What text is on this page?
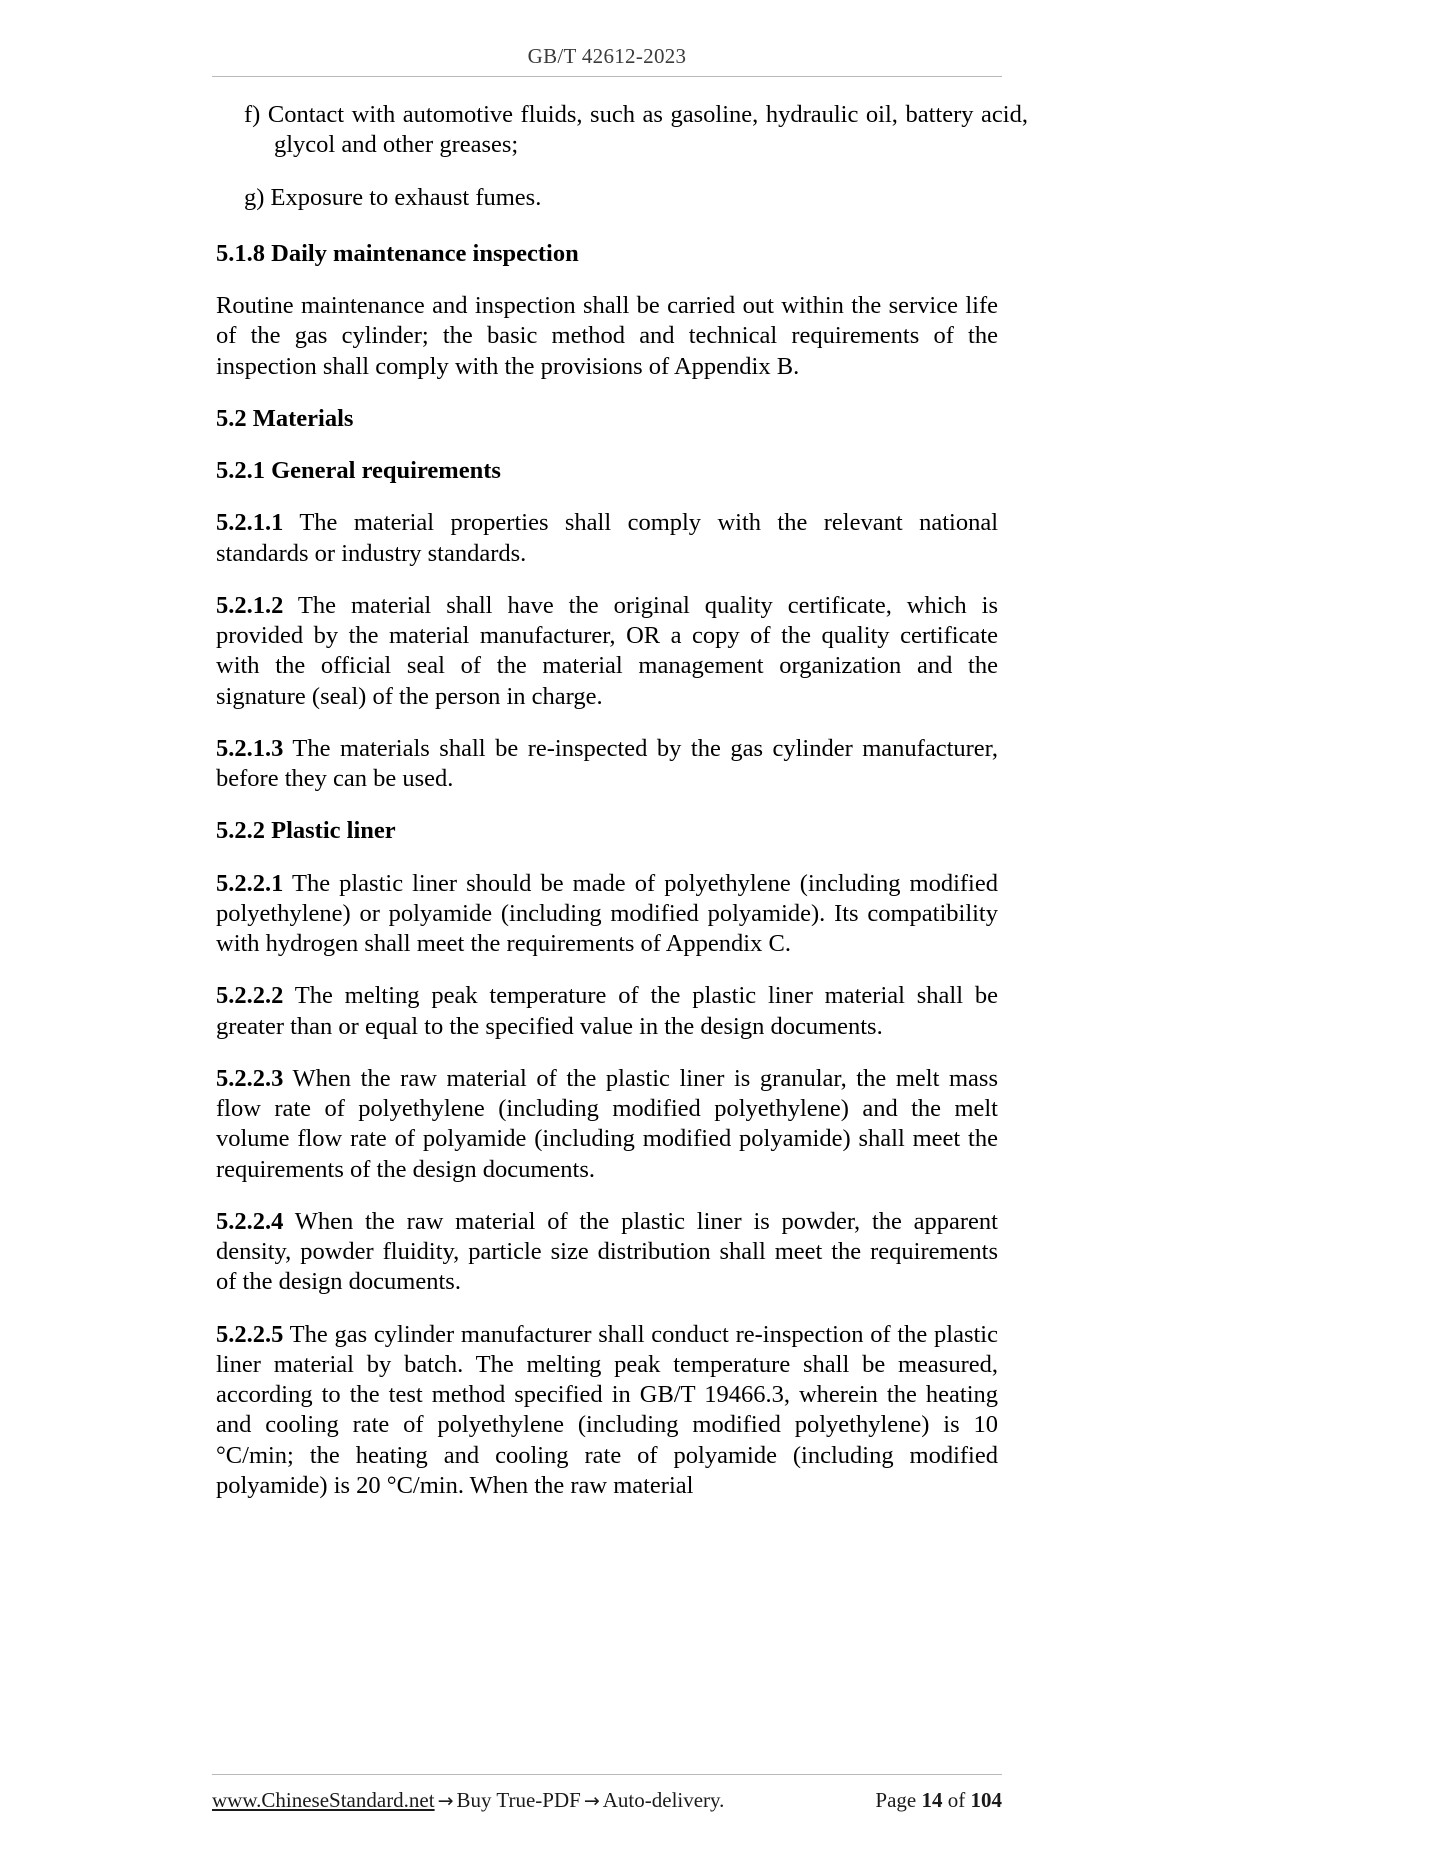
GB/T 42612-2023

f) Contact with automotive fluids, such as gasoline, hydraulic oil, battery acid, glycol and other greases;

g) Exposure to exhaust fumes.

5.1.8 Daily maintenance inspection

Routine maintenance and inspection shall be carried out within the service life of the gas cylinder; the basic method and technical requirements of the inspection shall comply with the provisions of Appendix B.

5.2 Materials

5.2.1 General requirements

5.2.1.1 The material properties shall comply with the relevant national standards or industry standards.

5.2.1.2 The material shall have the original quality certificate, which is provided by the material manufacturer, OR a copy of the quality certificate with the official seal of the material management organization and the signature (seal) of the person in charge.

5.2.1.3 The materials shall be re-inspected by the gas cylinder manufacturer, before they can be used.

5.2.2 Plastic liner

5.2.2.1 The plastic liner should be made of polyethylene (including modified polyethylene) or polyamide (including modified polyamide). Its compatibility with hydrogen shall meet the requirements of Appendix C.

5.2.2.2 The melting peak temperature of the plastic liner material shall be greater than or equal to the specified value in the design documents.

5.2.2.3 When the raw material of the plastic liner is granular, the melt mass flow rate of polyethylene (including modified polyethylene) and the melt volume flow rate of polyamide (including modified polyamide) shall meet the requirements of the design documents.

5.2.2.4 When the raw material of the plastic liner is powder, the apparent density, powder fluidity, particle size distribution shall meet the requirements of the design documents.

5.2.2.5 The gas cylinder manufacturer shall conduct re-inspection of the plastic liner material by batch. The melting peak temperature shall be measured, according to the test method specified in GB/T 19466.3, wherein the heating and cooling rate of polyethylene (including modified polyethylene) is 10 °C/min; the heating and cooling rate of polyamide (including modified polyamide) is 20 °C/min. When the raw material

www.ChineseStandard.net → Buy True-PDF → Auto-delivery.	Page 14 of 104
